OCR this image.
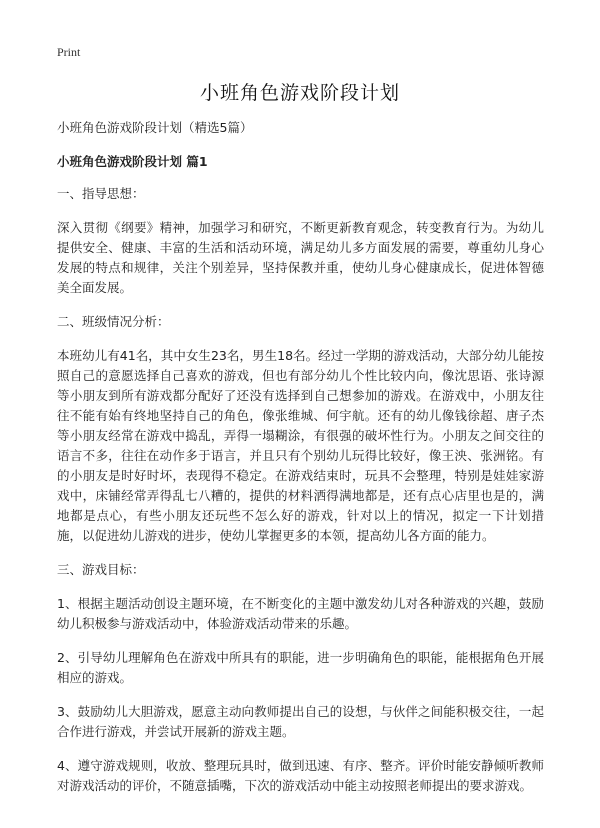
Print
小班角色游戏阶段计划

小班角色游戏阶段计划（精选5篇）

小班角色游戏阶段计划 篇1

一、指导思想：

深入贯彻《纲要》精神，加强学习和研究，不断更新教育观念，转变教育行为。为幼儿提供安全、健康、丰富的生活和活动环境，满足幼儿多方面发展的需要，尊重幼儿身心发展的特点和规律，关注个别差异，坚持保教并重，使幼儿身心健康成长，促进体智德美全面发展。

二、班级情况分析：

本班幼儿有41名，其中女生23名，男生18名。经过一学期的游戏活动，大部分幼儿能按照自己的意愿选择自己喜欢的游戏，但也有部分幼儿个性比较内向，像沈思语、张诗源等小朋友到所有游戏都分配好了还没有选择到自己想参加的游戏。在游戏中，小朋友往往不能有始有终地坚持自己的角色，像张维城、何宇航。还有的幼儿像钱徐超、唐子杰等小朋友经常在游戏中捣乱，弄得一塌糊涂，有很强的破坏性行为。小朋友之间交往的语言不多，往往在动作多于语言，并且只有个别幼儿玩得比较好，像王泱、张洲铭。有的小朋友是时好时坏，表现得不稳定。在游戏结束时，玩具不会整理，特别是娃娃家游戏中，床铺经常弄得乱七八糟的，提供的材料洒得满地都是，还有点心店里也是的，满地都是点心，有些小朋友还玩些不怎么好的游戏，针对以上的情况，拟定一下计划措施，以促进幼儿游戏的进步，使幼儿掌握更多的本领，提高幼儿各方面的能力。

三、游戏目标：

1、根据主题活动创设主题环境，在不断变化的主题中激发幼儿对各种游戏的兴趣，鼓励幼儿积极参与游戏活动中，体验游戏活动带来的乐趣。

2、引导幼儿理解角色在游戏中所具有的职能，进一步明确角色的职能，能根据角色开展相应的游戏。

3、鼓励幼儿大胆游戏，愿意主动向教师提出自己的设想，与伙伴之间能积极交往，一起合作进行游戏，并尝试开展新的游戏主题。

4、遵守游戏规则，收放、整理玩具时，做到迅速、有序、整齐。评价时能安静倾听教师对游戏活动的评价，不随意插嘴，下次的游戏活动中能主动按照老师提出的要求游戏。
